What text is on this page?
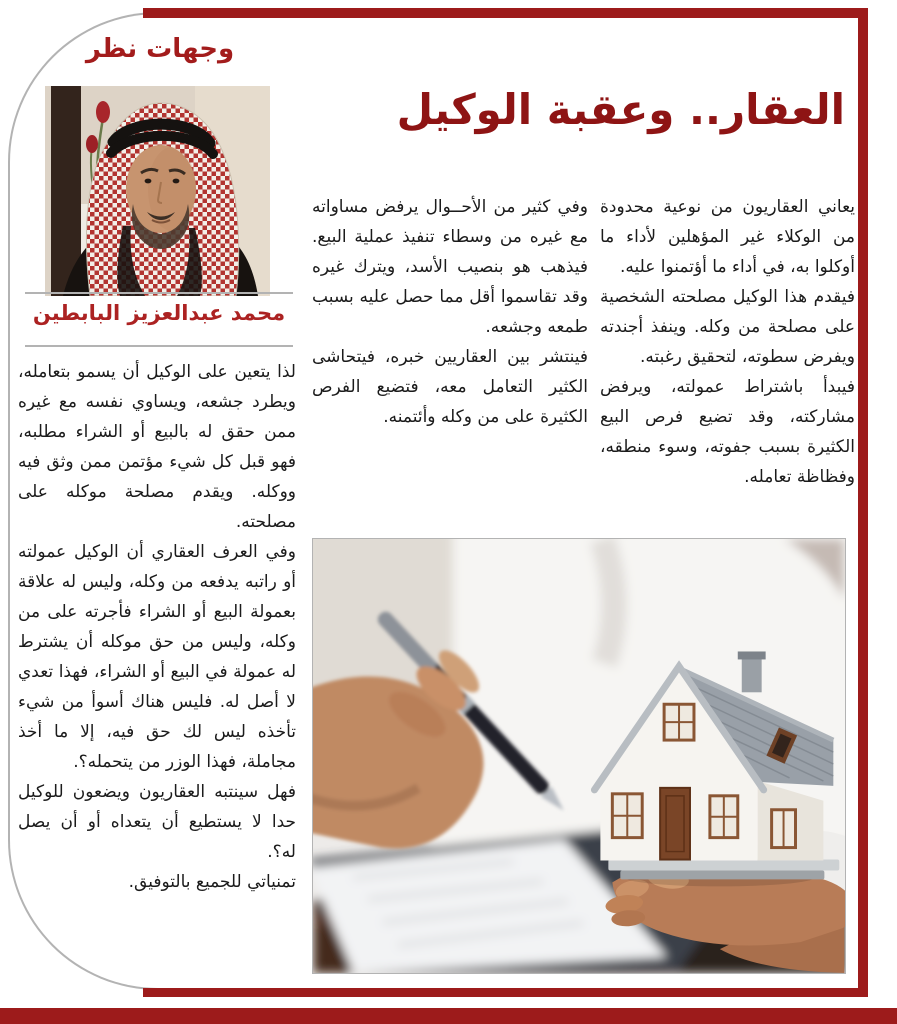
وجهات نظر
العقار.. وعقبة الوكيل
محمد عبدالعزيز البابطين

يعاني العقاريون من نوعية محدودة من الوكلاء غير المؤهلين لأداء ما أوكلوا به، في أداء ما أؤتمنوا عليه.

فيقدم هذا الوكيل مصلحته الشخصية على مصلحة من وكله. وينفذ أجندته ويفرض سطوته، لتحقيق رغبته.

فيبدأ باشتراط عمولته، ويرفض مشاركته، وقد تضيع فرص البيع الكثيرة بسبب جفوته، وسوء منطقه، وفظاظة تعامله.

وفي كثير من الأحــوال يرفض مساواته مع غيره من وسطاء تنفيذ عملية البيع. فيذهب هو بنصيب الأسد، ويترك غيره وقد تقاسموا أقل مما حصل عليه بسبب طمعه وجشعه.

فينتشر بين العقاريين خبره، فيتحاشى الكثير التعامل معه، فتضيع الفرص الكثيرة على من وكله وأئتمنه.

لذا يتعين على الوكيل أن يسمو بتعامله، ويطرد جشعه، ويساوي نفسه مع غيره ممن حقق له بالبيع أو الشراء مطلبه، فهو قبل كل شيء مؤتمن ممن وثق فيه ووكله. ويقدم مصلحة موكله على مصلحته.

وفي العرف العقاري أن الوكيل عمولته أو راتبه يدفعه من وكله، وليس له علاقة بعمولة البيع أو الشراء فأجرته على من وكله، وليس من حق موكله أن يشترط له عمولة في البيع أو الشراء، فهذا تعدي لا أصل له. فليس هناك أسوأ من شيء تأخذه ليس لك حق فيه، إلا ما أخذ مجاملة، فهذا الوزر من يتحمله؟.

فهل سينتبه العقاريون ويضعون للوكيل حدا لا يستطيع أن يتعداه أو أن يصل له؟.

تمنياتي للجميع بالتوفيق.
